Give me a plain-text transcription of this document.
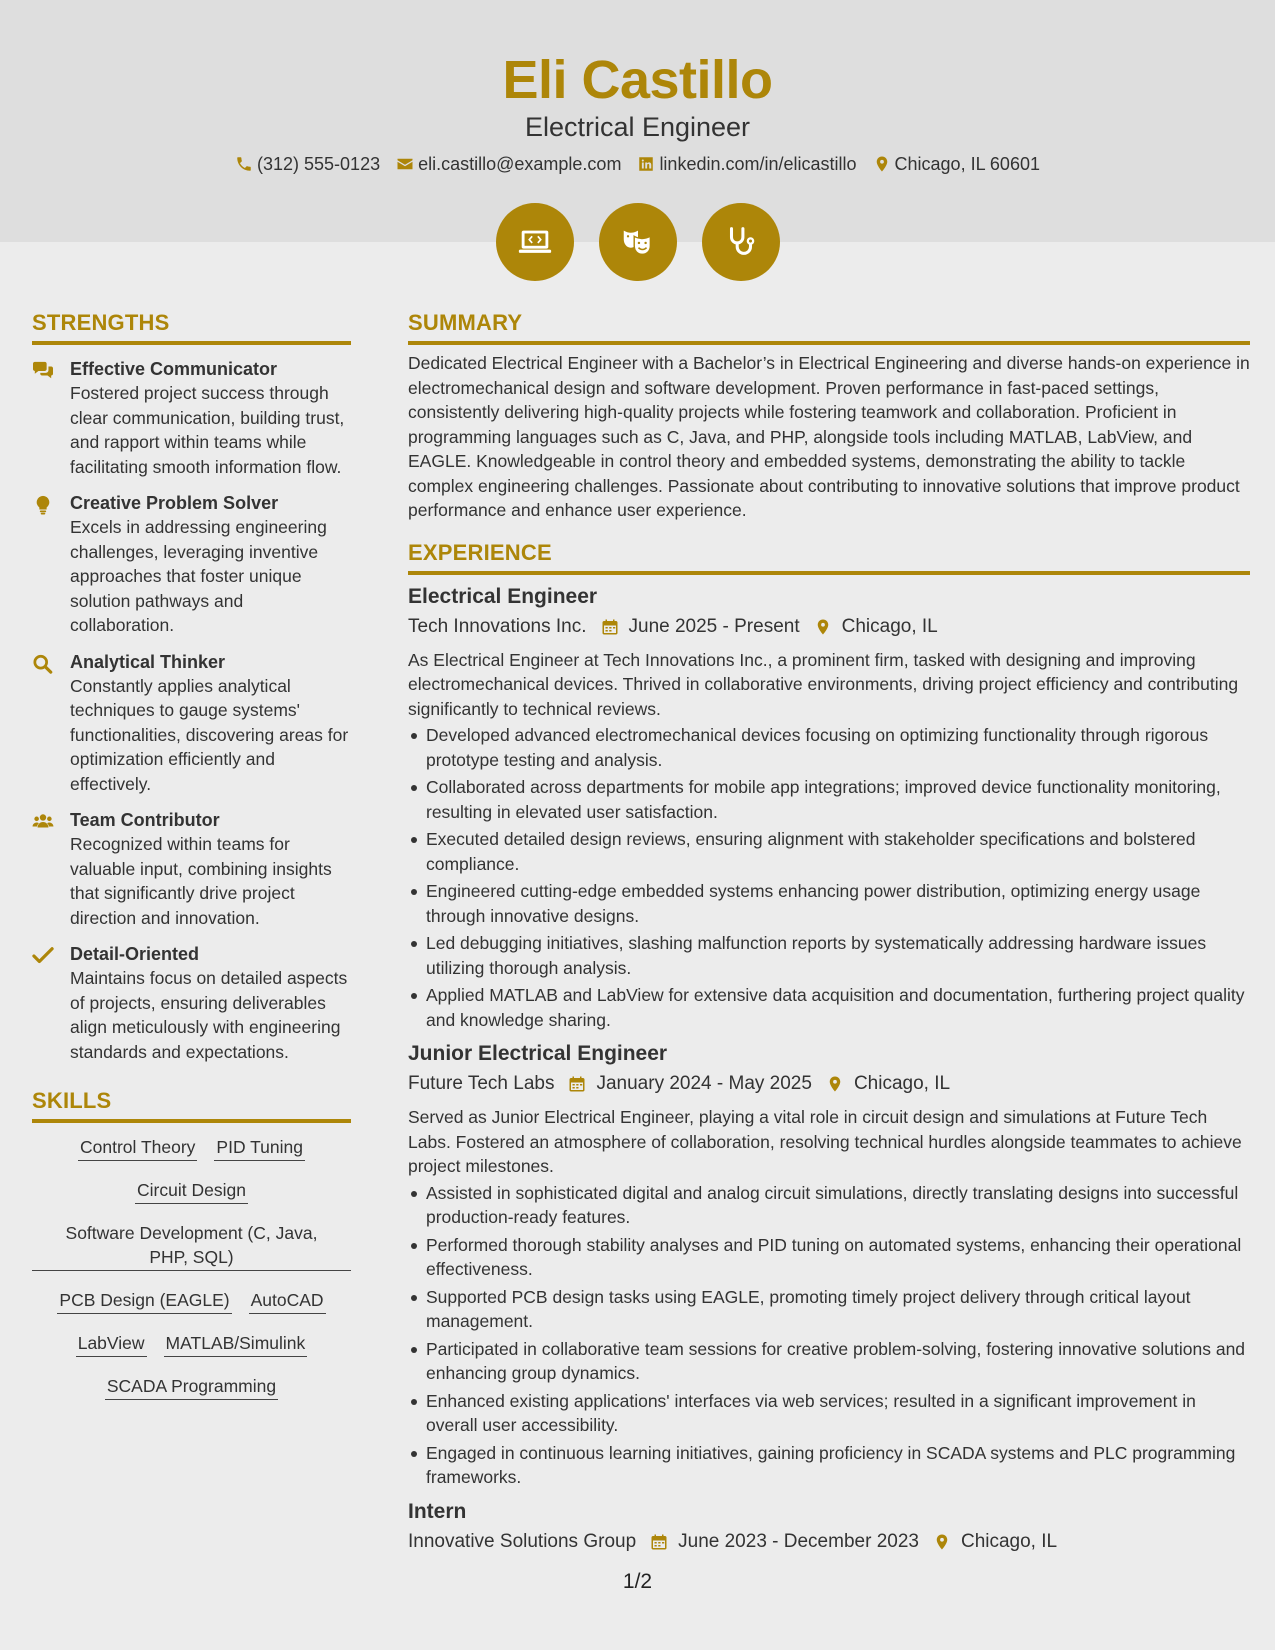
Eli Castillo
Electrical Engineer
(312) 555-0123 eli.castillo@example.com linkedin.com/in/elicastillo Chicago, IL 60601
STRENGTHS
Effective Communicator
Fostered project success through clear communication, building trust, and rapport within teams while facilitating smooth information flow.
Creative Problem Solver
Excels in addressing engineering challenges, leveraging inventive approaches that foster unique solution pathways and collaboration.
Analytical Thinker
Constantly applies analytical techniques to gauge systems' functionalities, discovering areas for optimization efficiently and effectively.
Team Contributor
Recognized within teams for valuable input, combining insights that significantly drive project direction and innovation.
Detail-Oriented
Maintains focus on detailed aspects of projects, ensuring deliverables align meticulously with engineering standards and expectations.
SKILLS
Control Theory PID Tuning
Circuit Design
Software Development (C, Java, PHP, SQL)
PCB Design (EAGLE) AutoCAD
LabView MATLAB/Simulink
SCADA Programming
SUMMARY
Dedicated Electrical Engineer with a Bachelor’s in Electrical Engineering and diverse hands-on experience in electromechanical design and software development. Proven performance in fast-paced settings, consistently delivering high-quality projects while fostering teamwork and collaboration. Proficient in programming languages such as C, Java, and PHP, alongside tools including MATLAB, LabView, and EAGLE. Knowledgeable in control theory and embedded systems, demonstrating the ability to tackle complex engineering challenges. Passionate about contributing to innovative solutions that improve product performance and enhance user experience.
EXPERIENCE
Electrical Engineer
Tech Innovations Inc. June 2025 - Present Chicago, IL
As Electrical Engineer at Tech Innovations Inc., a prominent firm, tasked with designing and improving electromechanical devices. Thrived in collaborative environments, driving project efficiency and contributing significantly to technical reviews.
Developed advanced electromechanical devices focusing on optimizing functionality through rigorous prototype testing and analysis.
Collaborated across departments for mobile app integrations; improved device functionality monitoring, resulting in elevated user satisfaction.
Executed detailed design reviews, ensuring alignment with stakeholder specifications and bolstered compliance.
Engineered cutting-edge embedded systems enhancing power distribution, optimizing energy usage through innovative designs.
Led debugging initiatives, slashing malfunction reports by systematically addressing hardware issues utilizing thorough analysis.
Applied MATLAB and LabView for extensive data acquisition and documentation, furthering project quality and knowledge sharing.
Junior Electrical Engineer
Future Tech Labs January 2024 - May 2025 Chicago, IL
Served as Junior Electrical Engineer, playing a vital role in circuit design and simulations at Future Tech Labs. Fostered an atmosphere of collaboration, resolving technical hurdles alongside teammates to achieve project milestones.
Assisted in sophisticated digital and analog circuit simulations, directly translating designs into successful production-ready features.
Performed thorough stability analyses and PID tuning on automated systems, enhancing their operational effectiveness.
Supported PCB design tasks using EAGLE, promoting timely project delivery through critical layout management.
Participated in collaborative team sessions for creative problem-solving, fostering innovative solutions and enhancing group dynamics.
Enhanced existing applications' interfaces via web services; resulted in a significant improvement in overall user accessibility.
Engaged in continuous learning initiatives, gaining proficiency in SCADA systems and PLC programming frameworks.
Intern
Innovative Solutions Group June 2023 - December 2023 Chicago, IL
1/2
